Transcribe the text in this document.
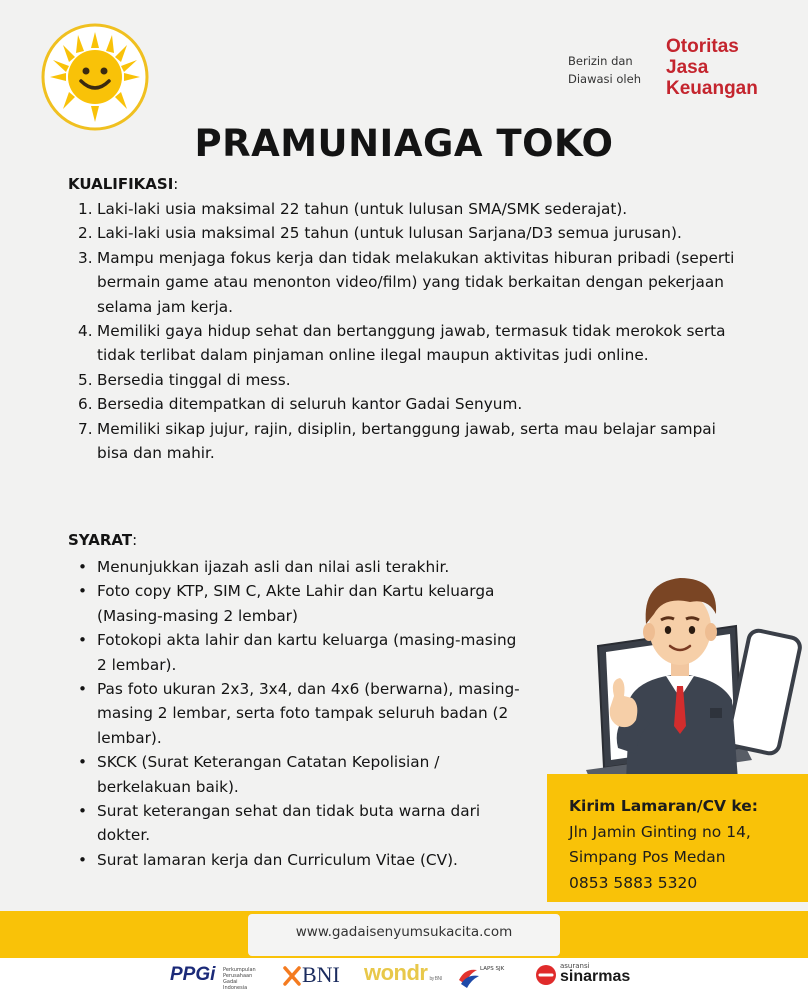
Berizin dan
Diawasi oleh
Otoritas
Jasa
Keuangan
PRAMUNIAGA TOKO
KUALIFIKASI:
1. Laki-laki usia maksimal 22 tahun (untuk lulusan SMA/SMK sederajat).
2. Laki-laki usia maksimal 25 tahun (untuk lulusan Sarjana/D3 semua jurusan).
3. Mampu menjaga fokus kerja dan tidak melakukan aktivitas hiburan pribadi (seperti bermain game atau menonton video/film) yang tidak berkaitan dengan pekerjaan selama jam kerja.
4. Memiliki gaya hidup sehat dan bertanggung jawab, termasuk tidak merokok serta tidak terlibat dalam pinjaman online ilegal maupun aktivitas judi online.
5. Bersedia tinggal di mess.
6. Bersedia ditempatkan di seluruh kantor Gadai Senyum.
7. Memiliki sikap jujur, rajin, disiplin, bertanggung jawab, serta mau belajar sampai bisa dan mahir.
SYARAT:
• Menunjukkan ijazah asli dan nilai asli terakhir.
• Foto copy KTP, SIM C, Akte Lahir dan Kartu keluarga (Masing-masing 2 lembar)
• Fotokopi akta lahir dan kartu keluarga (masing-masing 2 lembar).
• Pas foto ukuran 2x3, 3x4, dan 4x6 (berwarna), masing-masing 2 lembar, serta foto tampak seluruh badan (2 lembar).
• SKCK (Surat Keterangan Catatan Kepolisian / berkelakuan baik).
• Surat keterangan sehat dan tidak buta warna dari dokter.
• Surat lamaran kerja dan Curriculum Vitae (CV).
Kirim Lamaran/CV ke:
Jln Jamin Ginting no 14,
Simpang Pos Medan
0853 5883 5320
www.gadaisenyumsukacita.com
PPGi Perkumpulan Perusahaan Gadai Indonesia
BNI wondr by BNI
LAPS SJK	asuransi
sinarmas
